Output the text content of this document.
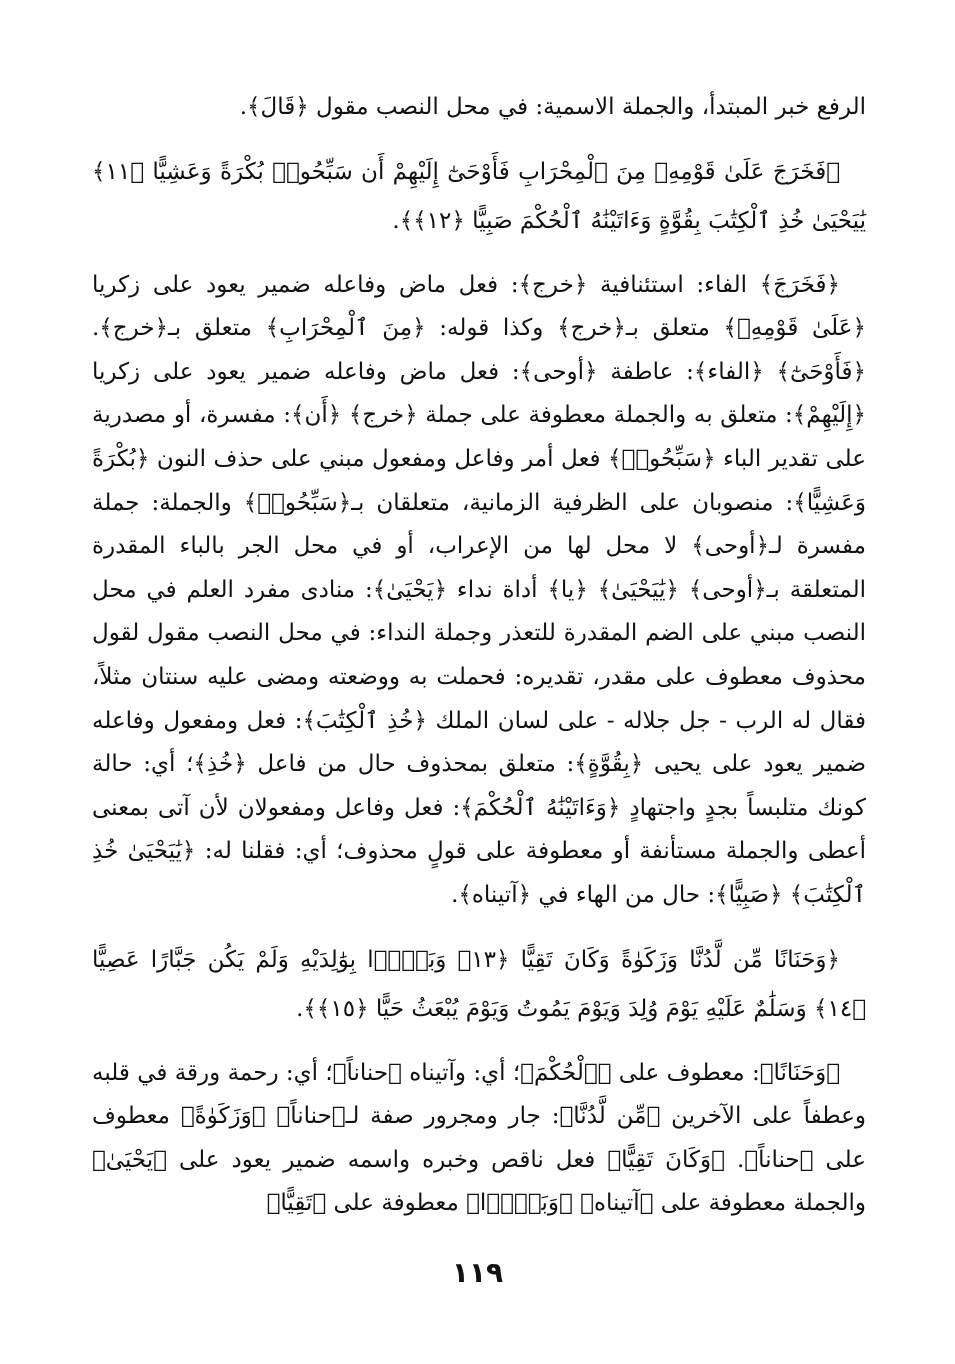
الرفع خبر المبتدأ، والجملة الاسمية: في محل النصب مقول ﴿قَالَ﴾.

﴿فَخَرَجَ عَلَىٰ قَوْمِهِۦ مِنَ ٱلْمِحْرَابِ فَأَوْحَىٰٓ إِلَيْهِمْ أَن سَبِّحُوا۟ بُكْرَةً وَعَشِيًّا ﴿١١﴾ يَٰيَحْيَىٰ خُذِ ٱلْكِتَٰبَ بِقُوَّةٍ وَءَاتَيْنَٰهُ ٱلْحُكْمَ صَبِيًّا ﴿١٢﴾﴾.

﴿فَخَرَجَ﴾ الفاء: استئنافية ﴿خرج﴾: فعل ماض وفاعله ضمير يعود على زكريا ﴿عَلَىٰ قَوْمِهِۦ﴾ متعلق بـ﴿خرج﴾ وكذا قوله: ﴿مِنَ ٱلْمِحْرَابِ﴾ متعلق بـ﴿خرج﴾. ﴿فَأَوْحَىٰٓ﴾ ﴿الفاء﴾: عاطفة ﴿أوحى﴾: فعل ماض وفاعله ضمير يعود على زكريا ﴿إِلَيْهِمْ﴾: متعلق به والجملة معطوفة على جملة ﴿خرج﴾ ﴿أَن﴾: مفسرة، أو مصدرية على تقدير الباء ﴿سَبِّحُوا۟﴾ فعل أمر وفاعل ومفعول مبني على حذف النون ﴿بُكْرَةً وَعَشِيًّا﴾: منصوبان على الظرفية الزمانية، متعلقان بـ﴿سَبِّحُوا۟﴾ والجملة: جملة مفسرة لـ﴿أوحى﴾ لا محل لها من الإعراب، أو في محل الجر بالباء المقدرة المتعلقة بـ﴿أوحى﴾ ﴿يَٰيَحْيَىٰ﴾ ﴿يا﴾ أداة نداء ﴿يَحْيَىٰ﴾: منادى مفرد العلم في محل النصب مبني على الضم المقدرة للتعذر وجملة النداء: في محل النصب مقول لقول محذوف معطوف على مقدر، تقديره: فحملت به ووضعته ومضى عليه سنتان مثلاً، فقال له الرب - جل جلاله - على لسان الملك ﴿خُذِ ٱلْكِتَٰبَ﴾: فعل ومفعول وفاعله ضمير يعود على يحيى ﴿بِقُوَّةٍ﴾: متعلق بمحذوف حال من فاعل ﴿خُذِ﴾؛ أي: حالة كونك متلبساً بجدٍ واجتهادٍ ﴿وَءَاتَيْنَٰهُ ٱلْحُكْمَ﴾: فعل وفاعل ومفعولان لأن آتى بمعنى أعطى والجملة مستأنفة أو معطوفة على قولٍ محذوف؛ أي: فقلنا له: ﴿يَٰيَحْيَىٰ خُذِ ٱلْكِتَٰبَ﴾ ﴿صَبِيًّا﴾: حال من الهاء في ﴿آتيناه﴾.

﴿وَحَنَانًا مِّن لَّدُنَّا وَزَكَوٰةً وَكَانَ تَقِيًّا ﴿١٣﴾ وَبَرًّۢا بِوَٰلِدَيْهِ وَلَمْ يَكُن جَبَّارًا عَصِيًّا ﴿١٤﴾ وَسَلَٰمٌ عَلَيْهِ يَوْمَ وُلِدَ وَيَوْمَ يَمُوتُ وَيَوْمَ يُبْعَثُ حَيًّا ﴿١٥﴾﴾.

﴿وَحَنَانًا﴾: معطوف على ﴿ٱلْحُكْمَ﴾؛ أي: وآتيناه ﴿حناناً﴾؛ أي: رحمة ورقة في قلبه وعطفاً على الآخرين ﴿مِّن لَّدُنَّا﴾: جار ومجرور صفة لـ﴿حناناً﴾ ﴿وَزَكَوٰةً﴾ معطوف على ﴿حناناً﴾. ﴿وَكَانَ تَقِيًّا﴾ فعل ناقص وخبره واسمه ضمير يعود على ﴿يَحْيَىٰ﴾ والجملة معطوفة على ﴿آتيناه﴾ ﴿وَبَرًّۢا﴾ معطوفة على ﴿تَقِيًّا﴾

١١٩
